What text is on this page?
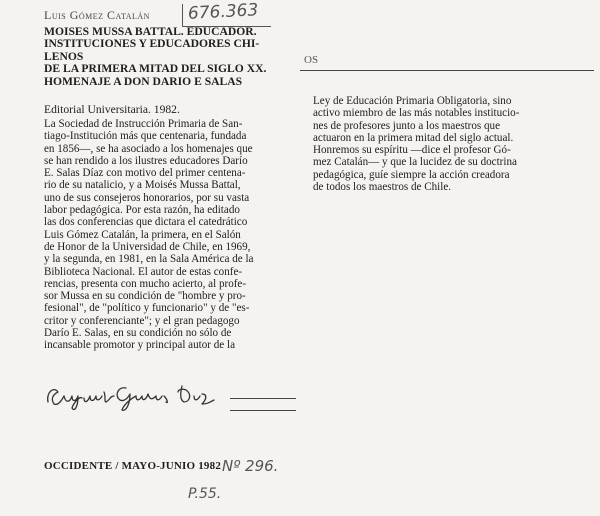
Luis Gómez Catalán 676.363
MOISES MUSSA BATTAL. EDUCADOR.
INSTITUCIONES Y EDUCADORES CHI-
LENOS
DE LA PRIMERA MITAD DEL SIGLO XX.
HOMENAJE A DON DARIO E SALAS
Editorial Universitaria. 1982.
OS
La Sociedad de Instrucción Primaria de San-
tiago-Institución más que centenaria, fundada
en 1856—, se ha asociado a los homenajes que
se han rendido a los ilustres educadores Darío
E. Salas Díaz con motivo del primer centena-
rio de su natalicio, y a Moisés Mussa Battal,
uno de sus consejeros honorarios, por su vasta
labor pedagógica. Por esta razón, ha editado
las dos conferencias que dictara el catedrático
Luis Gómez Catalán, la primera, en el Salón
de Honor de la Universidad de Chile, en 1969,
y la segunda, en 1981, en la Sala América de la
Biblioteca Nacional. El autor de estas confe-
rencias, presenta con mucho acierto, al profe-
sor Mussa en su condición de "hombre y pro-
fesional", de "político y funcionario" y de "es-
critor y conferenciante"; y el gran pedagogo
Darío E. Salas, en su condición no sólo de
incansable promotor y principal autor de la
Ley de Educación Primaria Obligatoria, sino
activo miembro de las más notables institucio-
nes de profesores junto a los maestros que
actuaron en la primera mitad del siglo actual.
Honremos su espíritu —dice el profesor Gó-
mez Catalán— y que la lucidez de su doctrina
pedagógica, guíe siempre la acción creadora
de todos los maestros de Chile.
OCCIDENTE / MAYO-JUNIO 1982 Nº 296.
P.55.
